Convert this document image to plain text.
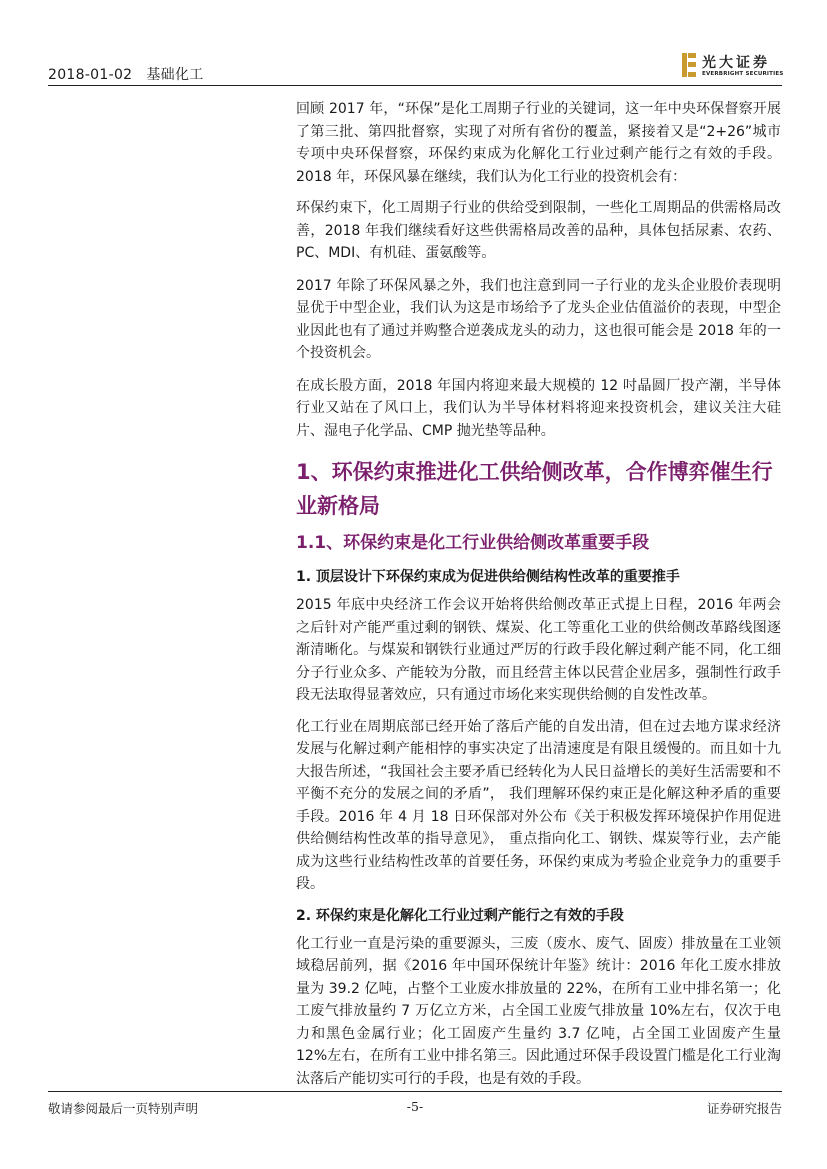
2018-01-02 基础化工
光大证券
EVERBRIGHT SECURITIES

回顾 2017 年，“环保”是化工周期子行业的关键词，这一年中央环保督察开展了第三批、第四批督察，实现了对所有省份的覆盖，紧接着又是“2+26”城市专项中央环保督察，环保约束成为化解化工行业过剩产能行之有效的手段。2018 年，环保风暴在继续，我们认为化工行业的投资机会有：

环保约束下，化工周期子行业的供给受到限制，一些化工周期品的供需格局改善，2018 年我们继续看好这些供需格局改善的品种，具体包括尿素、农药、PC、MDI、有机硅、蛋氨酸等。

2017 年除了环保风暴之外，我们也注意到同一子行业的龙头企业股价表现明显优于中型企业，我们认为这是市场给予了龙头企业估值溢价的表现，中型企业因此也有了通过并购整合逆袭成龙头的动力，这也很可能会是 2018 年的一个投资机会。

在成长股方面，2018 年国内将迎来最大规模的 12 吋晶圆厂投产潮，半导体行业又站在了风口上，我们认为半导体材料将迎来投资机会，建议关注大硅片、湿电子化学品、CMP 抛光垫等品种。

1、环保约束推进化工供给侧改革，合作博弈催生行业新格局
1.1、环保约束是化工行业供给侧改革重要手段

1. 顶层设计下环保约束成为促进供给侧结构性改革的重要推手

2015 年底中央经济工作会议开始将供给侧改革正式提上日程，2016 年两会之后针对产能严重过剩的钢铁、煤炭、化工等重化工业的供给侧改革路线图逐渐清晰化。与煤炭和钢铁行业通过严厉的行政手段化解过剩产能不同，化工细分子行业众多、产能较为分散，而且经营主体以民营企业居多，强制性行政手段无法取得显著效应，只有通过市场化来实现供给侧的自发性改革。

化工行业在周期底部已经开始了落后产能的自发出清，但在过去地方谋求经济发展与化解过剩产能相悖的事实决定了出清速度是有限且缓慢的。而且如十九大报告所述，“我国社会主要矛盾已经转化为人民日益增长的美好生活需要和不平衡不充分的发展之间的矛盾”， 我们理解环保约束正是化解这种矛盾的重要手段。2016 年 4 月 18 日环保部对外公布《关于积极发挥环境保护作用促进供给侧结构性改革的指导意见》， 重点指向化工、钢铁、煤炭等行业，去产能成为这些行业结构性改革的首要任务，环保约束成为考验企业竞争力的重要手段。

2. 环保约束是化解化工行业过剩产能行之有效的手段

化工行业一直是污染的重要源头，三废（废水、废气、固废）排放量在工业领域稳居前列，据《2016 年中国环保统计年鉴》统计：2016 年化工废水排放量为 39.2 亿吨，占整个工业废水排放量的 22%，在所有工业中排名第一；化工废气排放量约 7 万亿立方米，占全国工业废气排放量 10%左右，仅次于电力和黑色金属行业；化工固废产生量约 3.7 亿吨，占全国工业固废产生量 12%左右，在所有工业中排名第三。因此通过环保手段设置门槛是化工行业淘汰落后产能切实可行的手段，也是有效的手段。

敬请参阅最后一页特别声明	-5-	证券研究报告
